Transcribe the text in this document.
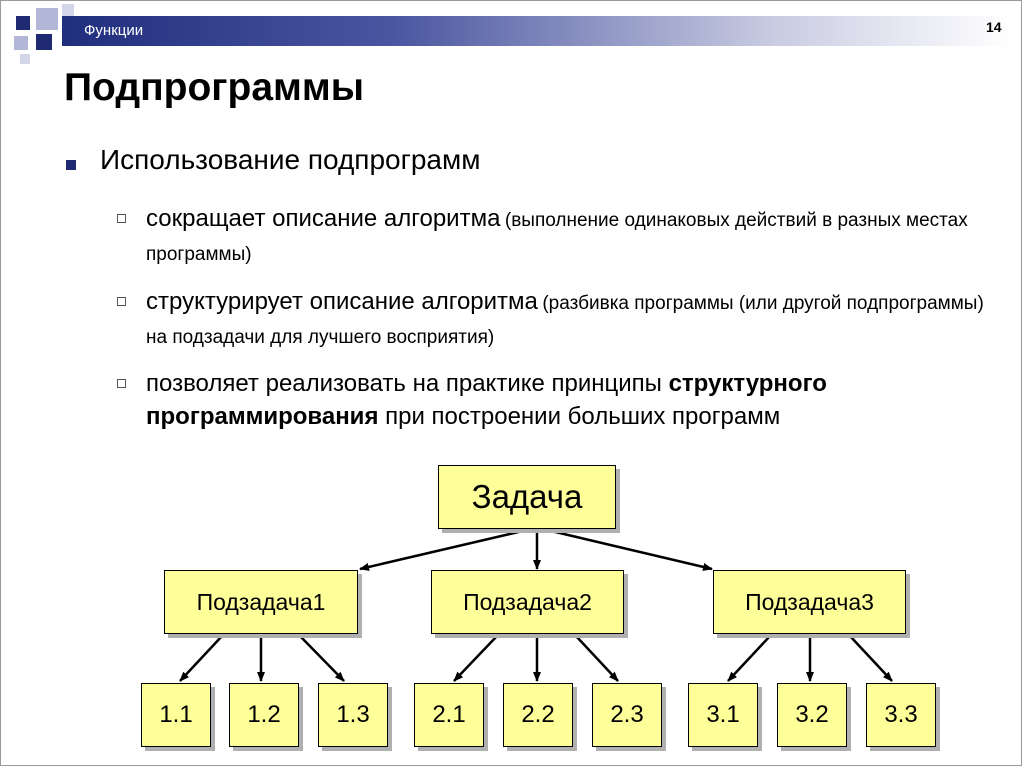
Функции	14
Подпрограммы
Использование подпрограмм
сокращает описание алгоритма (выполнение одинаковых действий в разных местах программы)
структурирует описание алгоритма (разбивка программы (или другой подпрограммы) на подзадачи для лучшего восприятия)
позволяет реализовать на практике принципы структурного программирования при построении больших программ
Задача
Подзадача1	Подзадача2	Подзадача3
1.1	1.2	1.3	2.1	2.2	2.3	3.1	3.2	3.3
